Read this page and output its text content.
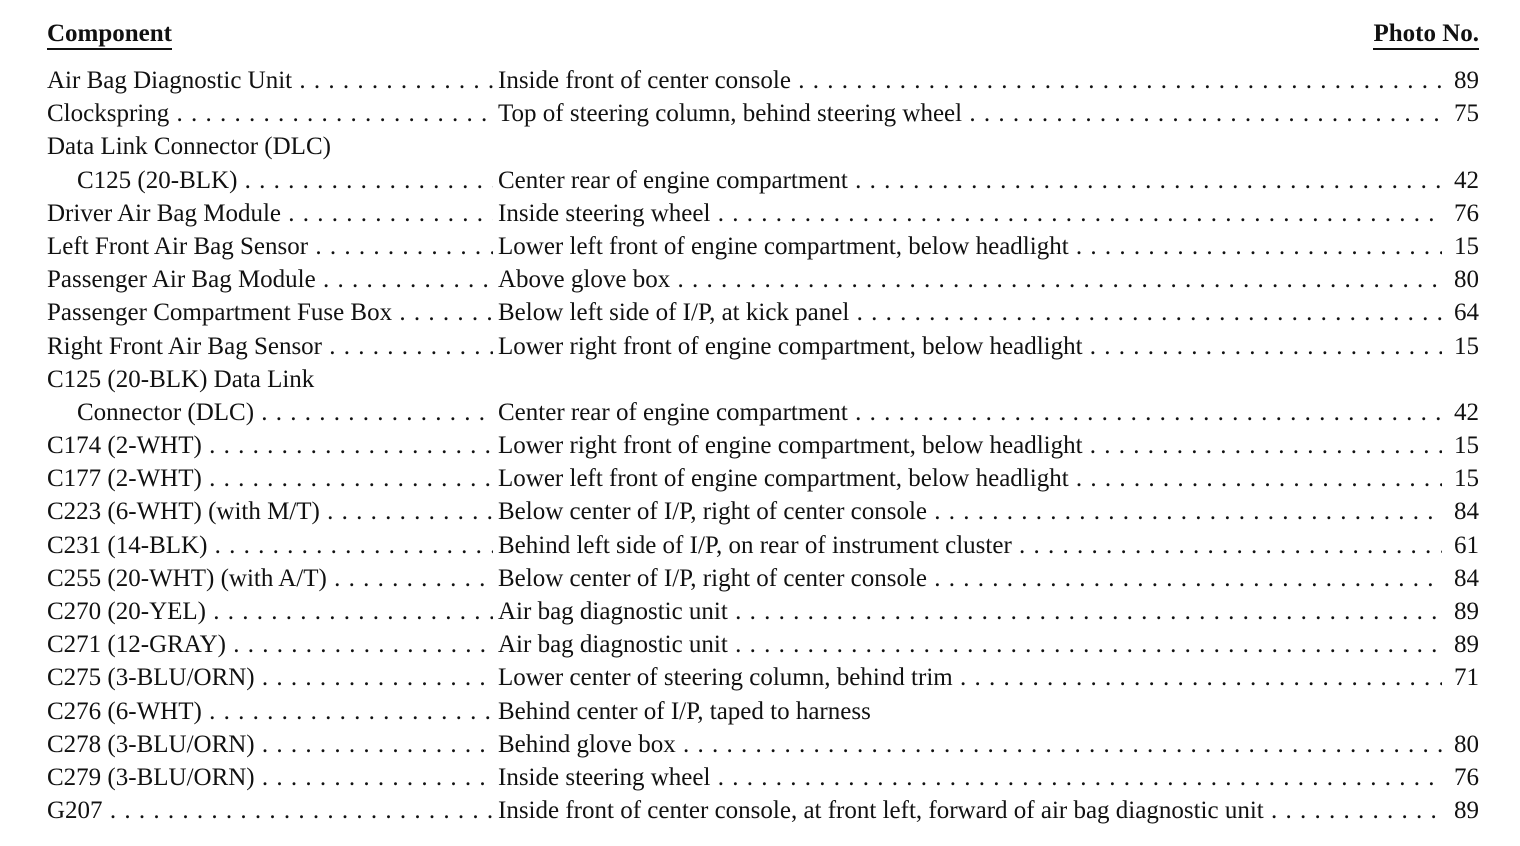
Component	Photo No.
Air Bag Diagnostic Unit . . .	Inside front of center console	89
. . .
Clockspring . . .	Top of steering column, behind steering wheel	75
. . .
Data Link Connector (DLC)
C125 (20-BLK) . . .	Center rear of engine compartment	42
. . .
Driver Air Bag Module . . .	Inside steering wheel	76
. . .
Left Front Air Bag Sensor . . .	Lower left front of engine compartment, below headlight	15
. . .
Passenger Air Bag Module . . .	Above glove box	80
. . .
Passenger Compartment Fuse Box . . .	Below left side of I/P, at kick panel	64
. . .
Right Front Air Bag Sensor . . .	Lower right front of engine compartment, below headlight	15
. . .
C125 (20-BLK) Data Link
Connector (DLC) . . .	Center rear of engine compartment	42
. . .
C174 (2-WHT) . . .	Lower right front of engine compartment, below headlight	15
. . .
C177 (2-WHT) . . .	Lower left front of engine compartment, below headlight	15
. . .
C223 (6-WHT) (with M/T) . . .	Below center of I/P, right of center console	84
. . .
C231 (14-BLK) . . .	Behind left side of I/P, on rear of instrument cluster	61
. . .
C255 (20-WHT) (with A/T) . . .	Below center of I/P, right of center console	84
. . .
C270 (20-YEL) . . .	Air bag diagnostic unit	89
. . .
C271 (12-GRAY) . . .	Air bag diagnostic unit	89
. . .
C275 (3-BLU/ORN) . . .	Lower center of steering column, behind trim	71
. . .
C276 (6-WHT) . . .	Behind center of I/P, taped to harness
C278 (3-BLU/ORN) . . .	Behind glove box	80
. . .
C279 (3-BLU/ORN) . . .	Inside steering wheel	76
. . .
G207 . . .	Inside front of center console, at front left, forward of air bag diagnostic unit	89
. . .
